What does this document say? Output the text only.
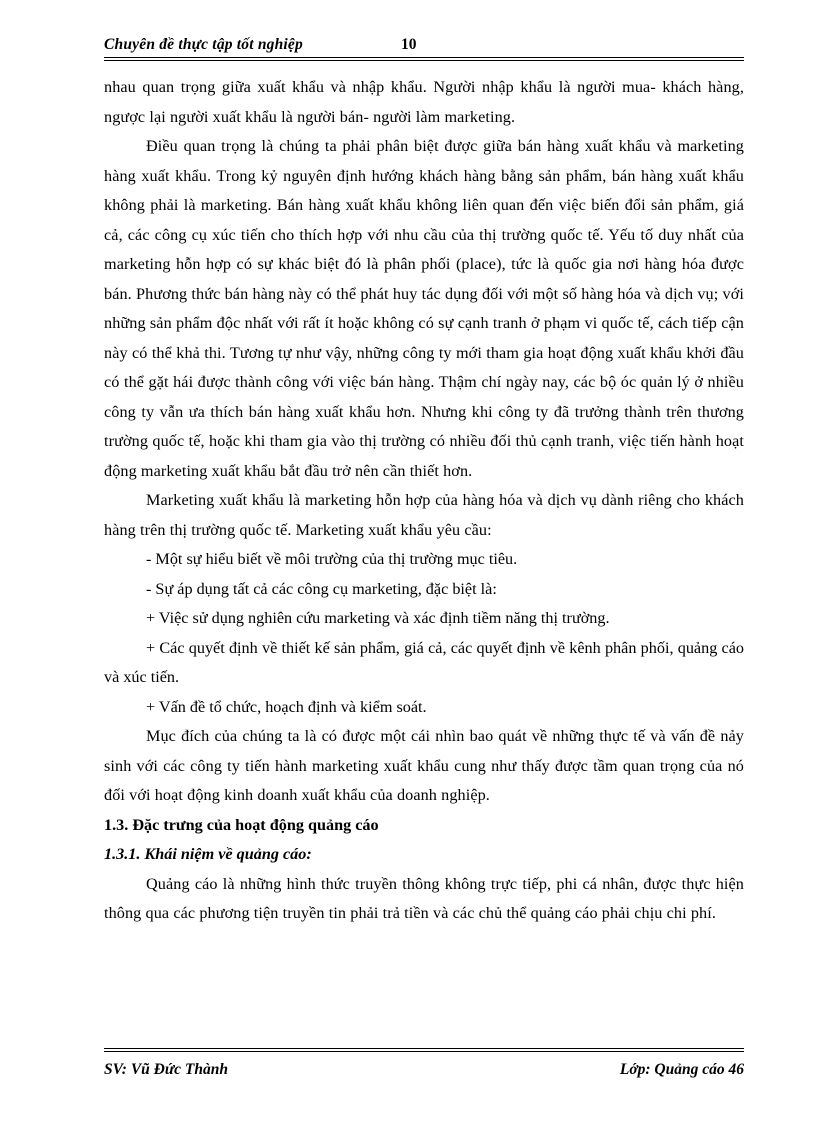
Chuyên đề thực tập tốt nghiệp	10

nhau quan trọng giữa xuất khẩu và nhập khẩu. Người nhập khẩu là người mua- khách hàng, ngược lại người xuất khẩu là người bán- người làm marketing.

Điều quan trọng là chúng ta phải phân biệt được giữa bán hàng xuất khẩu và marketing hàng xuất khẩu. Trong kỷ nguyên định hướng khách hàng bằng sản phẩm, bán hàng xuất khẩu không phải là marketing. Bán hàng xuất khẩu không liên quan đến việc biến đổi sản phẩm, giá cả, các công cụ xúc tiến cho thích hợp với nhu cầu của thị trường quốc tế. Yếu tố duy nhất của marketing hỗn hợp có sự khác biệt đó là phân phối (place), tức là quốc gia nơi hàng hóa được bán. Phương thức bán hàng này có thể phát huy tác dụng đối với một số hàng hóa và dịch vụ; với những sản phẩm độc nhất với rất ít hoặc không có sự cạnh tranh ở phạm vi quốc tế, cách tiếp cận này có thể khả thi. Tương tự như vậy, những công ty mới tham gia hoạt động xuất khẩu khởi đầu có thể gặt hái được thành công với việc bán hàng. Thậm chí ngày nay, các bộ óc quản lý ở nhiều công ty vẫn ưa thích bán hàng xuất khẩu hơn. Nhưng khi công ty đã trưởng thành trên thương trường quốc tế, hoặc khi tham gia vào thị trường có nhiều đối thủ cạnh tranh, việc tiến hành hoạt động marketing xuất khẩu bắt đầu trở nên cần thiết hơn.

Marketing xuất khẩu là marketing hỗn hợp của hàng hóa và dịch vụ dành riêng cho khách hàng trên thị trường quốc tế. Marketing xuất khẩu yêu cầu:

- Một sự hiểu biết về môi trường của thị trường mục tiêu.

- Sự áp dụng tất cả các công cụ marketing, đặc biệt là:

+ Việc sử dụng nghiên cứu marketing và xác định tiềm năng thị trường.

+ Các quyết định về thiết kế sản phẩm, giá cả, các quyết định về kênh phân phối, quảng cáo và xúc tiến.

+ Vấn đề tổ chức, hoạch định và kiểm soát.

Mục đích của chúng ta là có được một cái nhìn bao quát về những thực tế và vấn đề nảy sinh với các công ty tiến hành marketing xuất khẩu cung như thấy được tầm quan trọng của nó đối với hoạt động kinh doanh xuất khẩu của doanh nghiệp.

1.3. Đặc trưng của hoạt động quảng cáo
1.3.1. Khái niệm về quảng cáo:

Quảng cáo là những hình thức truyền thông không trực tiếp, phi cá nhân, được thực hiện thông qua các phương tiện truyền tin phải trả tiền và các chủ thể quảng cáo phải chịu chi phí.

SV: Vũ Đức Thành	Lớp: Quảng cáo 46
